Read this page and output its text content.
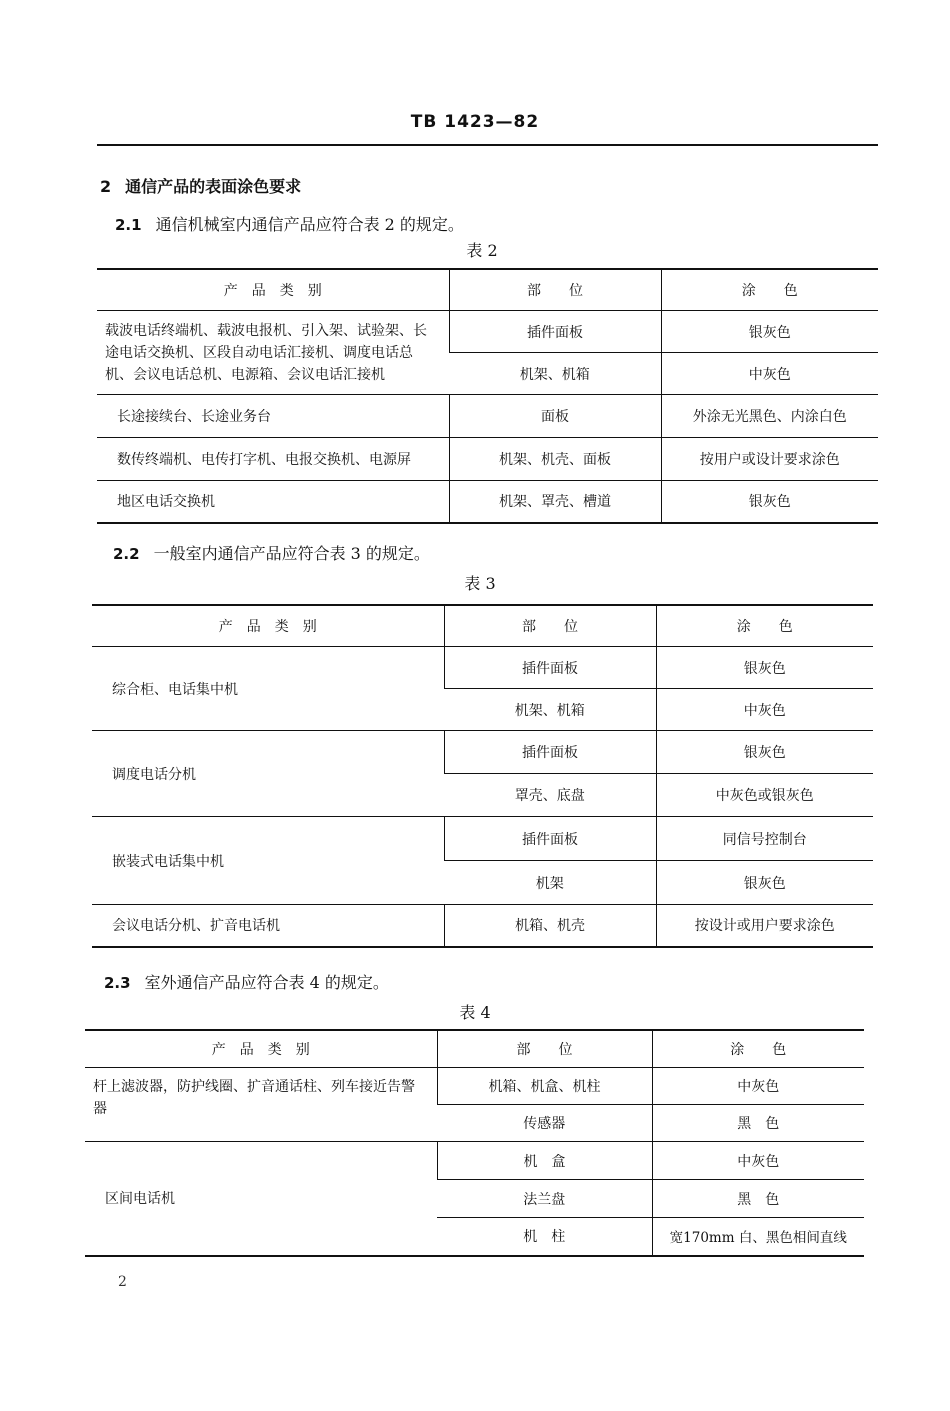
TB 1423—82
2 通信产品的表面涂色要求
2.1 通信机械室内通信产品应符合表 2 的规定。
表 2
产　品　类　别	部　　位	涂　　色
载波电话终端机、载波电报机、引入架、试验架、长途电话交换机、区段自动电话汇接机、调度电话总机、会议电话总机、电源箱、会议电话汇接机	插件面板	银灰色
	机架、机箱	中灰色
长途接续台、长途业务台	面板	外涂无光黑色、内涂白色
数传终端机、电传打字机、电报交换机、电源屏	机架、机壳、面板	按用户或设计要求涂色
地区电话交换机	机架、罩壳、槽道	银灰色
2.2 一般室内通信产品应符合表 3 的规定。
表 3
产　品　类　别	部　　位	涂　　色
综合柜、电话集中机	插件面板	银灰色
	机架、机箱	中灰色
调度电话分机	插件面板	银灰色
	罩壳、底盘	中灰色或银灰色
嵌装式电话集中机	插件面板	同信号控制台
	机架	银灰色
会议电话分机、扩音电话机	机箱、机壳	按设计或用户要求涂色
2.3 室外通信产品应符合表 4 的规定。
表 4
产　品　类　别	部　　位	涂　　色
杆上滤波器，防护线圈、扩音通话柱、列车接近告警器	机箱、机盒、机柱	中灰色
	传感器	黑　色
区间电话机	机　盒	中灰色
	法兰盘	黑　色
	机　柱	宽170mm 白、黑色相间直线
2
